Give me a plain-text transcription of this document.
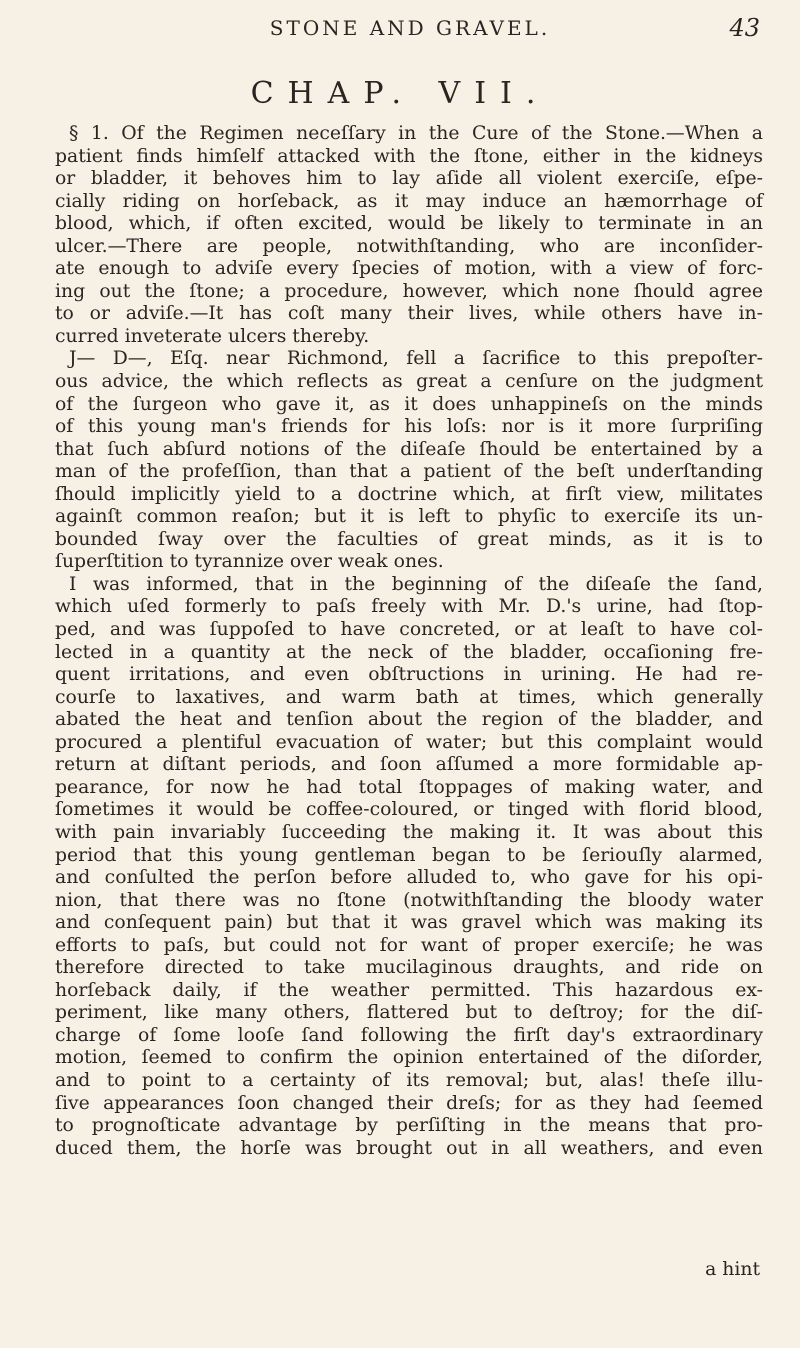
STONE AND GRAVEL.	43
CHAP. VII.
§ 1. Of the Regimen neceſſary in the Cure of the Stone.—When a
patient finds himſelf attacked with the ſtone, either in the kidneys
or bladder, it behoves him to lay aſide all violent exerciſe, eſpe-
cially riding on horſeback, as it may induce an hæmorrhage of
blood, which, if often excited, would be likely to terminate in an
ulcer.—There are people, notwithſtanding, who are inconſider-
ate enough to adviſe every ſpecies of motion, with a view of forc-
ing out the ſtone; a procedure, however, which none ſhould agree
to or adviſe.—It has coſt many their lives, while others have in-
curred inveterate ulcers thereby.
J— D—, Eſq. near Richmond, fell a ſacrifice to this prepoſter-
ous advice, the which reflects as great a cenſure on the judgment
of the ſurgeon who gave it, as it does unhappineſs on the minds
of this young man's friends for his loſs: nor is it more ſurpriſing
that ſuch abſurd notions of the diſeaſe ſhould be entertained by a
man of the profeſſion, than that a patient of the beſt underſtanding
ſhould implicitly yield to a doctrine which, at firſt view, militates
againſt common reaſon; but it is left to phyſic to exerciſe its un-
bounded ſway over the faculties of great minds, as it is to
ſuperſtition to tyrannize over weak ones.
I was informed, that in the beginning of the diſeaſe the ſand,
which uſed formerly to paſs freely with Mr. D.'s urine, had ſtop-
ped, and was ſuppoſed to have concreted, or at leaſt to have col-
lected in a quantity at the neck of the bladder, occaſioning fre-
quent irritations, and even obſtructions in urining. He had re-
courſe to laxatives, and warm bath at times, which generally
abated the heat and tenſion about the region of the bladder, and
procured a plentiful evacuation of water; but this complaint would
return at diſtant periods, and ſoon aſſumed a more formidable ap-
pearance, for now he had total ſtoppages of making water, and
ſometimes it would be coffee-coloured, or tinged with florid blood,
with pain invariably ſucceeding the making it. It was about this
period that this young gentleman began to be ſeriouſly alarmed,
and conſulted the perſon before alluded to, who gave for his opi-
nion, that there was no ſtone (notwithſtanding the bloody water
and conſequent pain) but that it was gravel which was making its
efforts to paſs, but could not for want of proper exerciſe; he was
therefore directed to take mucilaginous draughts, and ride on
horſeback daily, if the weather permitted. This hazardous ex-
periment, like many others, flattered but to deſtroy; for the diſ-
charge of ſome looſe ſand following the firſt day's extraordinary
motion, ſeemed to confirm the opinion entertained of the diſorder,
and to point to a certainty of its removal; but, alas! theſe illu-
ſive appearances ſoon changed their dreſs; for as they had ſeemed
to prognoſticate advantage by perſiſting in the means that pro-
duced them, the horſe was brought out in all weathers, and even
a hint
